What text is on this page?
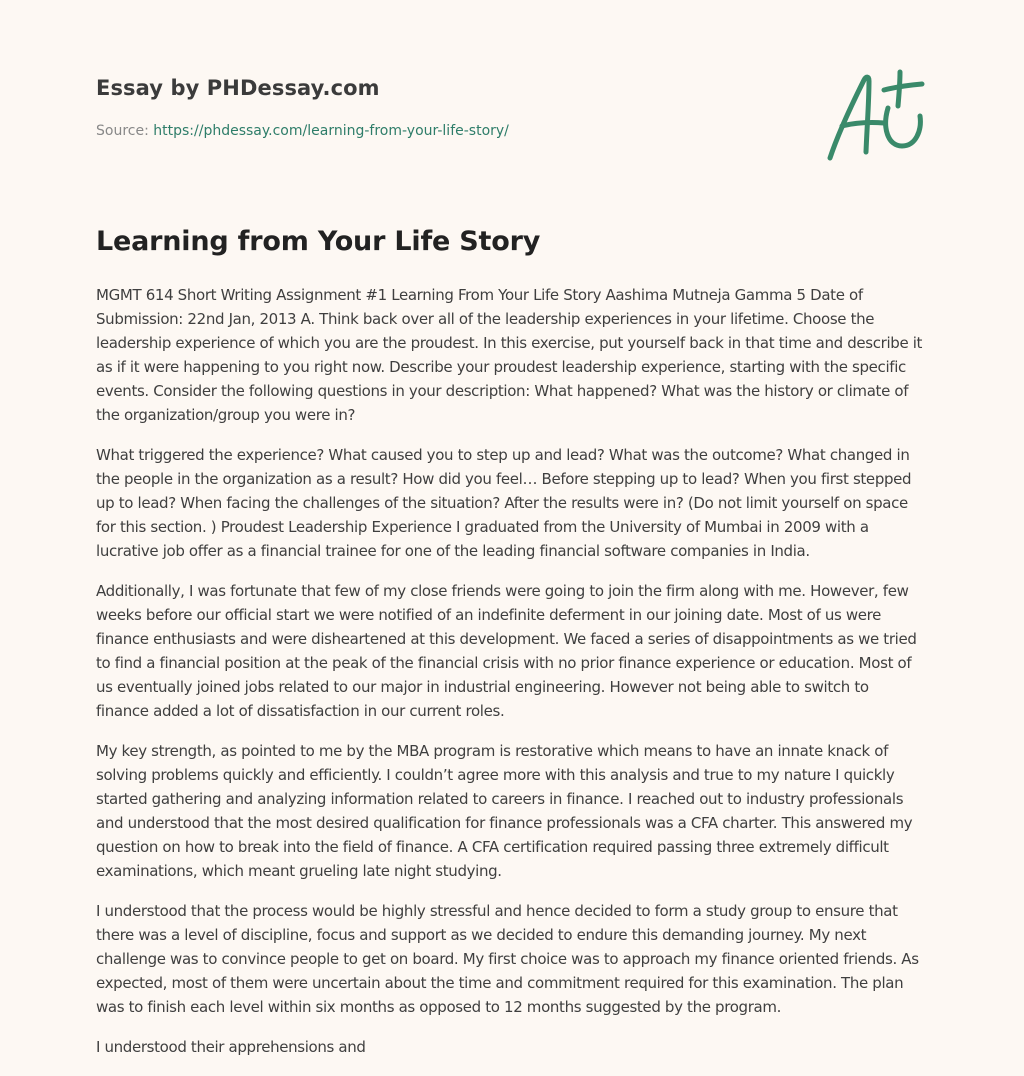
Essay by PHDessay.com
Source: https://phdessay.com/learning-from-your-life-story/
Learning from Your Life Story

MGMT 614 Short Writing Assignment #1 Learning From Your Life Story Aashima Mutneja Gamma 5 Date of Submission: 22nd Jan, 2013 A. Think back over all of the leadership experiences in your lifetime. Choose the leadership experience of which you are the proudest. In this exercise, put yourself back in that time and describe it as if it were happening to you right now. Describe your proudest leadership experience, starting with the specific events. Consider the following questions in your description: What happened? What was the history or climate of the organization/group you were in?

What triggered the experience? What caused you to step up and lead? What was the outcome? What changed in the people in the organization as a result? How did you feel… Before stepping up to lead? When you first stepped up to lead? When facing the challenges of the situation? After the results were in? (Do not limit yourself on space for this section. ) Proudest Leadership Experience I graduated from the University of Mumbai in 2009 with a lucrative job offer as a financial trainee for one of the leading financial software companies in India.

Additionally, I was fortunate that few of my close friends were going to join the firm along with me. However, few weeks before our official start we were notified of an indefinite deferment in our joining date. Most of us were finance enthusiasts and were disheartened at this development. We faced a series of disappointments as we tried to find a financial position at the peak of the financial crisis with no prior finance experience or education. Most of us eventually joined jobs related to our major in industrial engineering. However not being able to switch to finance added a lot of dissatisfaction in our current roles.

My key strength, as pointed to me by the MBA program is restorative which means to have an innate knack of solving problems quickly and efficiently. I couldn’t agree more with this analysis and true to my nature I quickly started gathering and analyzing information related to careers in finance. I reached out to industry professionals and understood that the most desired qualification for finance professionals was a CFA charter. This answered my question on how to break into the field of finance. A CFA certification required passing three extremely difficult examinations, which meant grueling late night studying.

I understood that the process would be highly stressful and hence decided to form a study group to ensure that there was a level of discipline, focus and support as we decided to endure this demanding journey. My next challenge was to convince people to get on board. My first choice was to approach my finance oriented friends. As expected, most of them were uncertain about the time and commitment required for this examination. The plan was to finish each level within six months as opposed to 12 months suggested by the program.

I understood their apprehensions and
